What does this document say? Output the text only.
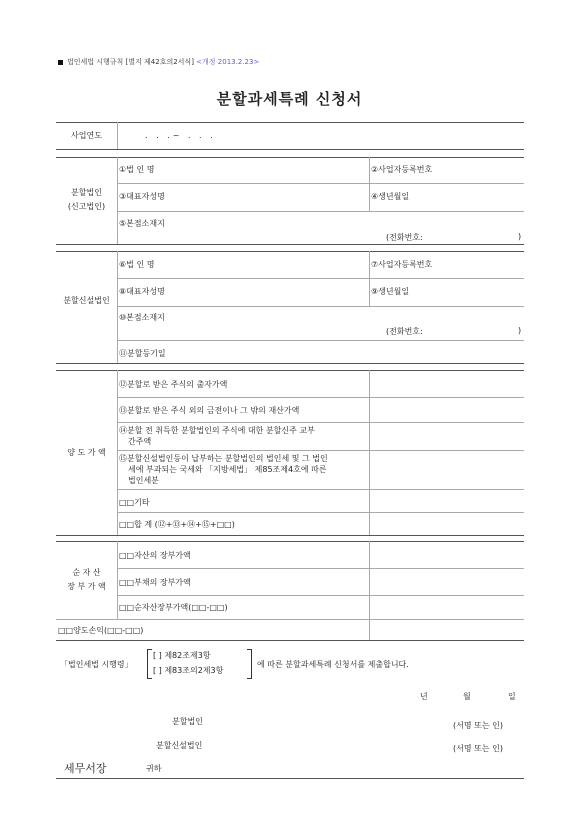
법인세법 시행규칙 [별지 제42호의2서식] <개정 2013.2.23>
분할과세특례 신청서
사업연도	. . .~ . . .
분할법인
(신고법인)
①법 인 명	②사업자등록번호
③대표자성명	④생년월일
⑤본점소재지
(전화번호:	)
분할신설법인
⑥법 인 명	⑦사업자등록번호
⑧대표자성명	⑨생년월일
⑩본점소재지
(전화번호:	)
⑪분할등기일
양 도 가 액
⑫분할로 받은 주식의 출자가액
⑬분할로 받은 주식 외의 금전이나 그 밖의 재산가액
⑭분할 전 취득한 분할법인의 주식에 대한 분할신주 교부
간주액
⑮분할신설법인등이 납부하는 분할법인의 법인세 및 그 법인
세에 부과되는 국세와 「지방세법」 제85조제4호에 따른
법인세분
□□기타
□□합 계 (⑫+⑬+⑭+⑮+□□)
순 자 산
장 부 가 액
□□자산의 장부가액
□□부채의 장부가액
□□순자산장부가액(□□-□□)
□□양도손익(□□-□□)
「법인세법 시행령」
[ ] 제82조제3항
[ ] 제83조의2제3항
에 따른 분할과세특례 신청서를 제출합니다.
년	월	일
분할법인	(서명 또는 인)
분할신설법인	(서명 또는 인)
세무서장	귀하
